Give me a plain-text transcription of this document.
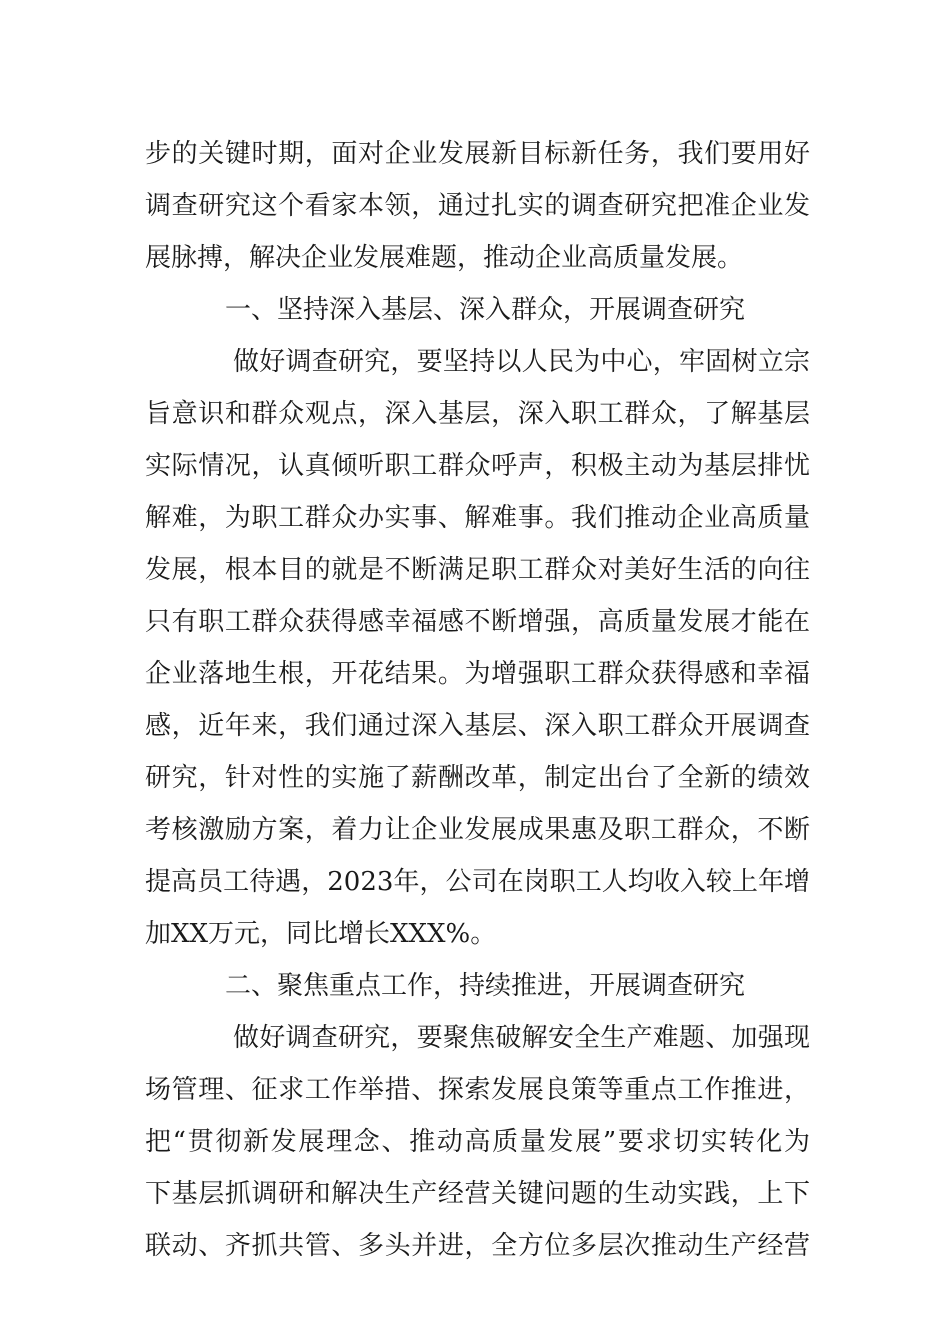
步的关键时期，面对企业发展新目标新任务，我们要用好
调查研究这个看家本领，通过扎实的调查研究把准企业发
展脉搏，解决企业发展难题，推动企业高质量发展。
一、坚持深入基层、深入群众，开展调查研究
做好调查研究，要坚持以人民为中心，牢固树立宗
旨意识和群众观点，深入基层，深入职工群众，了解基层
实际情况，认真倾听职工群众呼声，积极主动为基层排忧
解难，为职工群众办实事、解难事。我们推动企业高质量
发展，根本目的就是不断满足职工群众对美好生活的向往
只有职工群众获得感幸福感不断增强，高质量发展才能在
企业落地生根，开花结果。为增强职工群众获得感和幸福
感，近年来，我们通过深入基层、深入职工群众开展调查
研究，针对性的实施了薪酬改革，制定出台了全新的绩效
考核激励方案，着力让企业发展成果惠及职工群众，不断
提高员工待遇，2023年，公司在岗职工人均收入较上年增
加XX万元，同比增长XXX%。
二、聚焦重点工作，持续推进，开展调查研究
做好调查研究，要聚焦破解安全生产难题、加强现
场管理、征求工作举措、探索发展良策等重点工作推进，
把“贯彻新发展理念、推动高质量发展”要求切实转化为
下基层抓调研和解决生产经营关键问题的生动实践，上下
联动、齐抓共管、多头并进，全方位多层次推动生产经营
